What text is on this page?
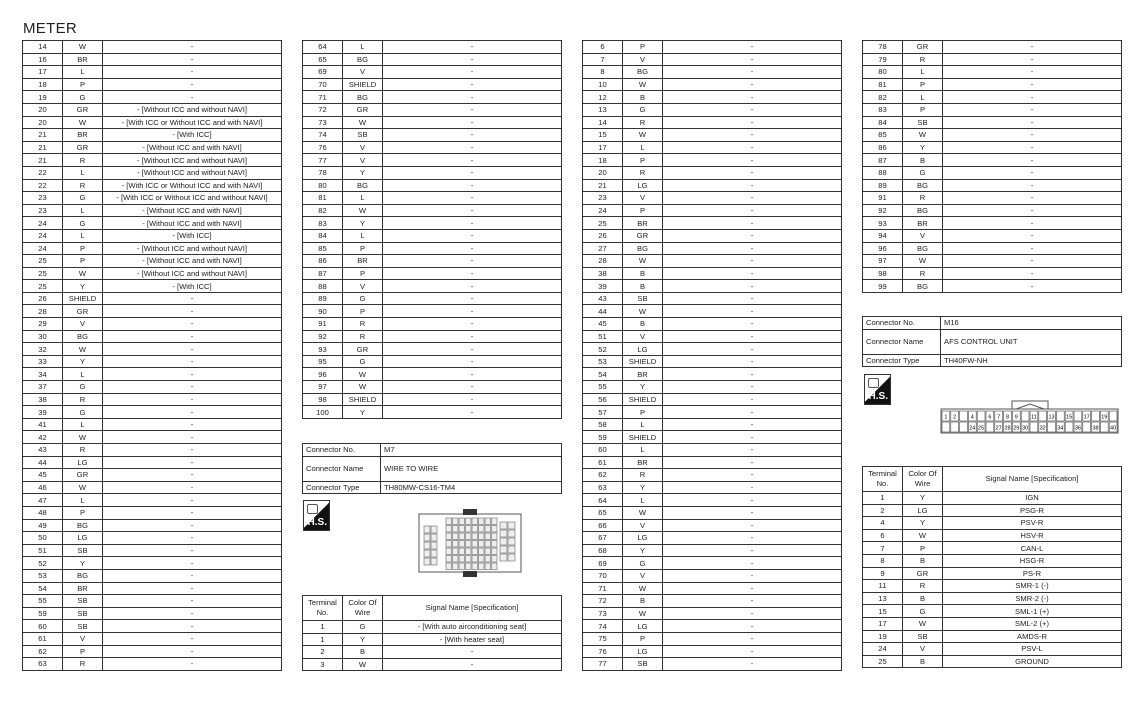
METER
14	W	-
16	BR	-
17	L	-
18	P	-
19	G	-
20	GR	- [Without ICC and without NAVI]
20	W	- [With ICC or Without ICC and with NAVI]
21	BR	- [With ICC]
21	GR	- [Without ICC and with NAVI]
21	R	- [Without ICC and without NAVI]
22	L	- [Without ICC and without NAVI]
22	R	- [With ICC or Without ICC and with NAVI]
23	G	- [With ICC or Without ICC and without NAVI]
23	L	- [Without ICC and with NAVI]
24	G	- [Without ICC and with NAVI]
24	L	- [With ICC]
24	P	- [Without ICC and without NAVI]
25	P	- [Without ICC and with NAVI]
25	W	- [Without ICC and without NAVI]
25	Y	- [With ICC]
26	SHIELD	-
28	GR	-
29	V	-
30	BG	-
32	W	-
33	Y	-
34	L	-
37	G	-
38	R	-
39	G	-
41	L	-
42	W	-
43	R	-
44	LG	-
45	GR	-
46	W	-
47	L	-
48	P	-
49	BG	-
50	LG	-
51	SB	-
52	Y	-
53	BG	-
54	BR	-
55	SB	-
59	SB	-
60	SB	-
61	V	-
62	P	-
63	R	-
64	L	-
65	BG	-
69	V	-
70	SHIELD	-
71	BG	-
72	GR	-
73	W	-
74	SB	-
76	V	-
77	V	-
78	Y	-
80	BG	-
81	L	-
82	W	-
83	Y	-
84	L	-
85	P	-
86	BR	-
87	P	-
88	V	-
89	G	-
90	P	-
91	R	-
92	R	-
93	GR	-
95	G	-
96	W	-
97	W	-
98	SHIELD	-
100	Y	-
6	P	-
7	V	-
8	BG	-
10	W	-
12	B	-
13	G	-
14	R	-
15	W	-
17	L	-
18	P	-
20	R	-
21	LG	-
23	V	-
24	P	-
25	BR	-
26	GR	-
27	BG	-
28	W	-
38	B	-
39	B	-
43	SB	-
44	W	-
45	B	-
51	V	-
52	LG	-
53	SHIELD	-
54	BR	-
55	Y	-
56	SHIELD	-
57	P	-
58	L	-
59	SHIELD	-
60	L	-
61	BR	-
62	R	-
63	Y	-
64	L	-
65	W	-
66	V	-
67	LG	-
68	Y	-
69	G	-
70	V	-
71	W	-
72	B	-
73	W	-
74	LG	-
75	P	-
76	LG	-
77	SB	-
78	GR	-
79	R	-
80	L	-
81	P	-
82	L	-
83	P	-
84	SB	-
85	W	-
86	Y	-
87	B	-
88	G	-
89	BG	-
91	R	-
92	BG	-
93	BR	-
94	V	-
96	BG	-
97	W	-
98	R	-
99	BG	-
Connector No.	M7
Connector Name	WIRE TO WIRE
Connector Type	TH80MW-CS16-TM4
H.S.
Terminal No.	Color Of Wire	Signal Name [Specification]
1	G	- [With auto airconditioning seat]
1	Y	- [With heater seat]
2	B	-
3	W	-
Connector No.	M16
Connector Name	AFS CONTROL UNIT
Connector Type	TH40FW-NH
H.S.
1 2	4	6 7 8 9 11 13 15 17 19
24 25 27 28 29 30 32 34 36 38 40
Terminal No.	Color Of Wire	Signal Name [Specification]
1	Y	IGN
2	LG	PSG-R
4	Y	PSV-R
6	W	HSV-R
7	P	CAN-L
8	B	HSG-R
9	GR	PS-R
11	R	SMR-1 (-)
13	B	SMR-2 (-)
15	G	SML-1 (+)
17	W	SML-2 (+)
19	SB	AMDS-R
24	V	PSV-L
25	B	GROUND
